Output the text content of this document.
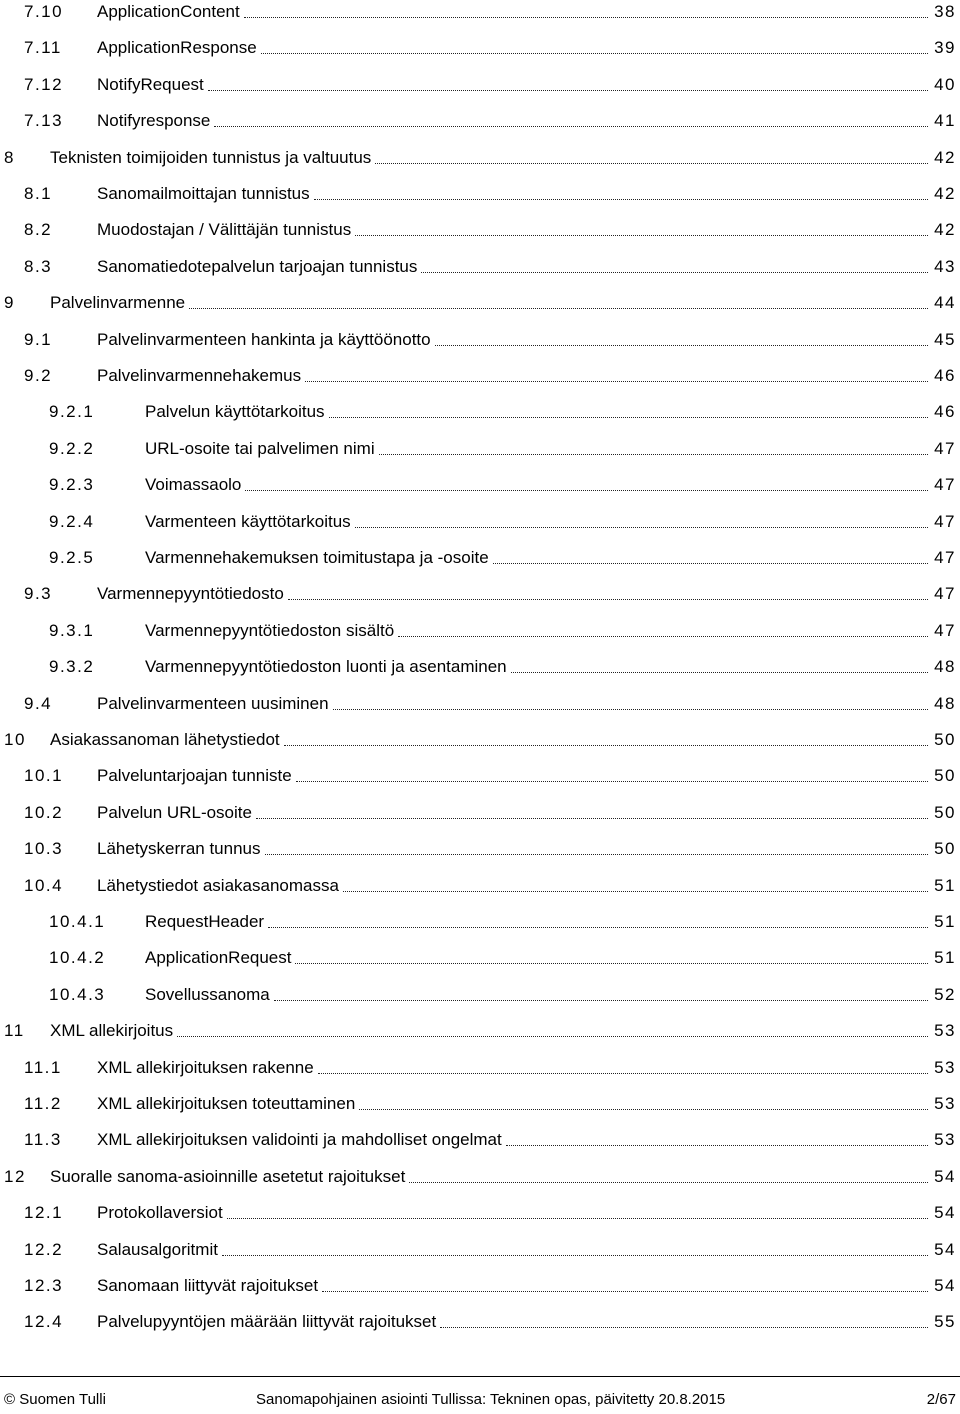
7.10 ApplicationContent	38
7.11 ApplicationResponse	39
7.12 NotifyRequest	40
7.13 Notifyresponse	41
8 Teknisten toimijoiden tunnistus ja valtuutus	42
8.1	Sanomailmoittajan tunnistus	42
8.2	Muodostajan / Välittäjän tunnistus	42
8.3	Sanomatiedotepalvelun tarjoajan tunnistus	43
9 Palvelinvarmenne	44
9.1	Palvelinvarmenteen hankinta ja käyttöönotto	45
9.2	Palvelinvarmennehakemus	46
9.2.1	Palvelun käyttötarkoitus	46
9.2.2	URL-osoite tai palvelimen nimi	47
9.2.3	Voimassaolo	47
9.2.4	Varmenteen käyttötarkoitus	47
9.2.5	Varmennehakemuksen toimitustapa ja -osoite	47
9.3	Varmennepyyntötiedosto	47
9.3.1	Varmennepyyntötiedoston sisältö	47
9.3.2	Varmennepyyntötiedoston luonti ja asentaminen	48
9.4	Palvelinvarmenteen uusiminen	48
10 Asiakassanoman lähetystiedot	50
10.1 Palveluntarjoajan tunniste	50
10.2 Palvelun URL-osoite	50
10.3 Lähetyskerran tunnus	50
10.4 Lähetystiedot asiakasanomassa	51
10.4.1 RequestHeader	51
10.4.2 ApplicationRequest	51
10.4.3 Sovellussanoma	52
11 XML allekirjoitus	53
11.1 XML allekirjoituksen rakenne	53
11.2 XML allekirjoituksen toteuttaminen	53
11.3 XML allekirjoituksen validointi ja mahdolliset ongelmat	53
12 Suoralle sanoma-asioinnille asetetut rajoitukset	54
12.1 Protokollaversiot	54
12.2 Salausalgoritmit	54
12.3 Sanomaan liittyvät rajoitukset	54
12.4 Palvelupyyntöjen määrään liittyvät rajoitukset	55
© Suomen Tulli	Sanomapohjainen asiointi Tullissa: Tekninen opas, päivitetty 20.8.2015	2/67
